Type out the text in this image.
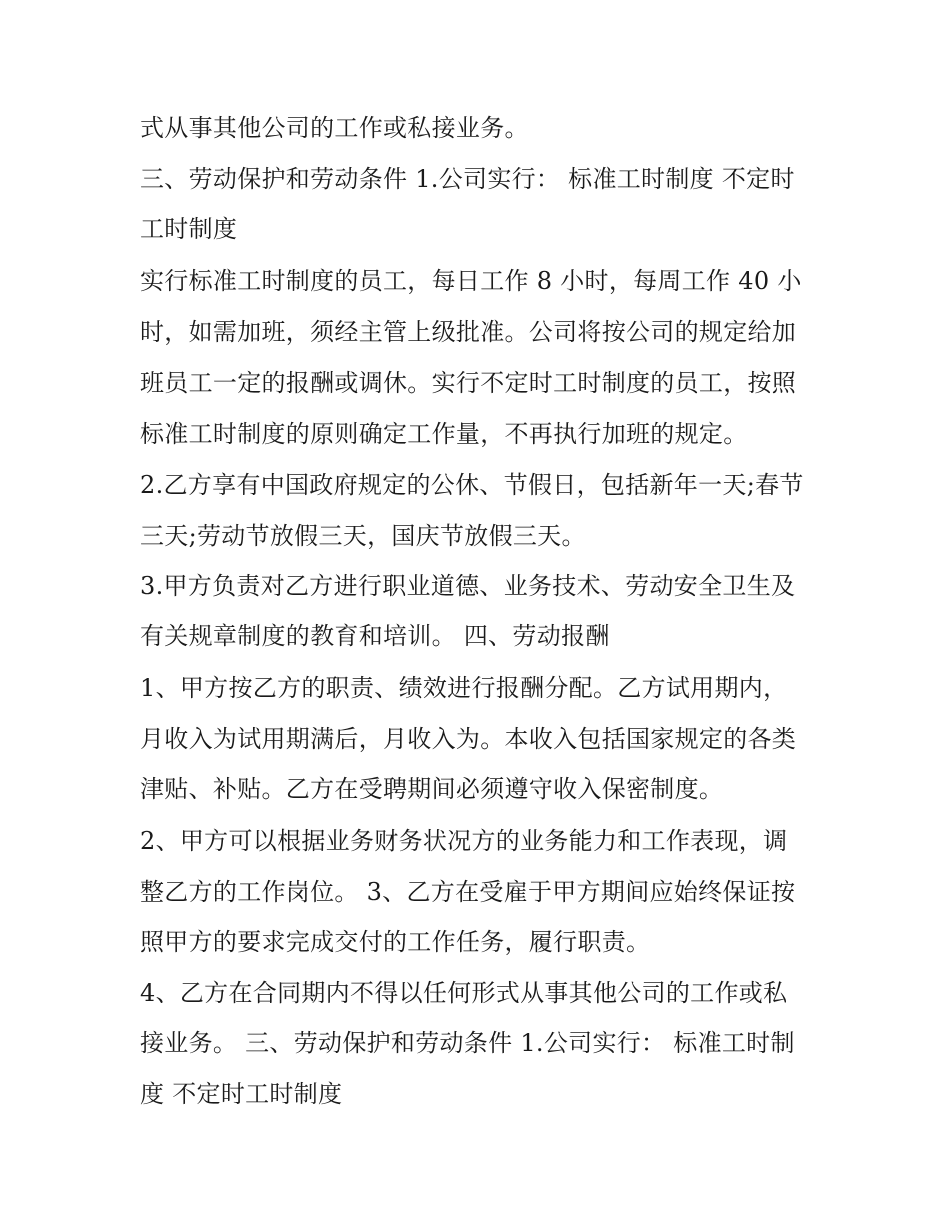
式从事其他公司的工作或私接业务。
三、劳动保护和劳动条件 1.公司实行： 标准工时制度 不定时
工时制度
实行标准工时制度的员工，每日工作 8 小时，每周工作 40 小
时，如需加班，须经主管上级批准。公司将按公司的规定给加
班员工一定的报酬或调休。实行不定时工时制度的员工，按照
标准工时制度的原则确定工作量，不再执行加班的规定。
2.乙方享有中国政府规定的公休、节假日，包括新年一天;春节
三天;劳动节放假三天，国庆节放假三天。
3.甲方负责对乙方进行职业道德、业务技术、劳动安全卫生及
有关规章制度的教育和培训。 四、劳动报酬
1、甲方按乙方的职责、绩效进行报酬分配。乙方试用期内，
月收入为试用期满后，月收入为。本收入包括国家规定的各类
津贴、补贴。乙方在受聘期间必须遵守收入保密制度。
2、甲方可以根据业务财务状况方的业务能力和工作表现，调
整乙方的工作岗位。 3、乙方在受雇于甲方期间应始终保证按
照甲方的要求完成交付的工作任务，履行职责。
4、乙方在合同期内不得以任何形式从事其他公司的工作或私
接业务。 三、劳动保护和劳动条件 1.公司实行： 标准工时制
度 不定时工时制度
